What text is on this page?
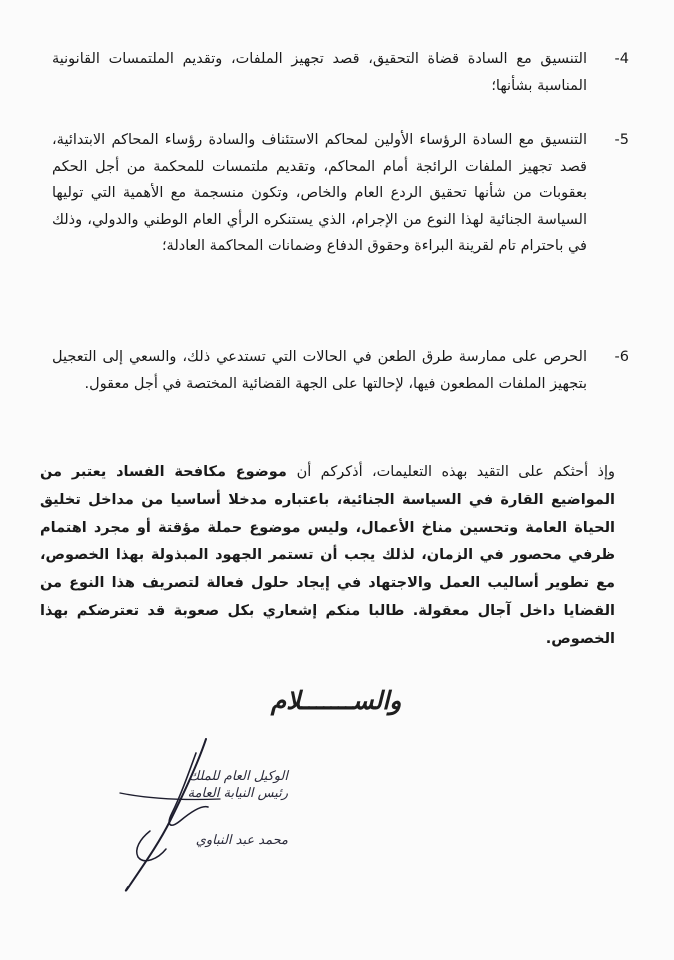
-4
التنسيق مع السادة قضاة التحقيق، قصد تجهيز الملفات، وتقديم الملتمسات القانونية المناسبة بشأنها؛
-5
التنسيق مع السادة الرؤساء الأولين لمحاكم الاستئناف والسادة رؤساء المحاكم الابتدائية، قصد تجهيز الملفات الرائجة أمام المحاكم، وتقديم ملتمسات للمحكمة من أجل الحكم بعقوبات من شأنها تحقيق الردع العام والخاص، وتكون منسجمة مع الأهمية التي توليها السياسة الجنائية لهذا النوع من الإجرام، الذي يستنكره الرأي العام الوطني والدولي، وذلك في باحترام تام لقرينة البراءة وحقوق الدفاع وضمانات المحاكمة العادلة؛
-6
الحرص على ممارسة طرق الطعن في الحالات التي تستدعي ذلك، والسعي إلى التعجيل بتجهيز الملفات المطعون فيها، لإحالتها على الجهة القضائية المختصة في أجل معقول.
وإذ أحثكم على التقيد بهذه التعليمات، أذكركم أن موضوع مكافحة الفساد يعتبر من المواضيع القارة في السياسة الجنائية، باعتباره مدخلا أساسيا من مداخل تخليق الحياة العامة وتحسين مناخ الأعمال، وليس موضوع حملة مؤقتة أو مجرد اهتمام ظرفي محصور في الزمان، لذلك يجب أن تستمر الجهود المبذولة بهذا الخصوص، مع تطوير أساليب العمل والاجتهاد في إيجاد حلول فعالة لتصريف هذا النوع من القضايا داخل آجال معقولة. طالبا منكم إشعاري بكل صعوبة قد تعترضكم بهذا الخصوص.
والســـــــلام
الوكيل العام للملك
رئيس النيابة العامة
محمد عبد النباوي
